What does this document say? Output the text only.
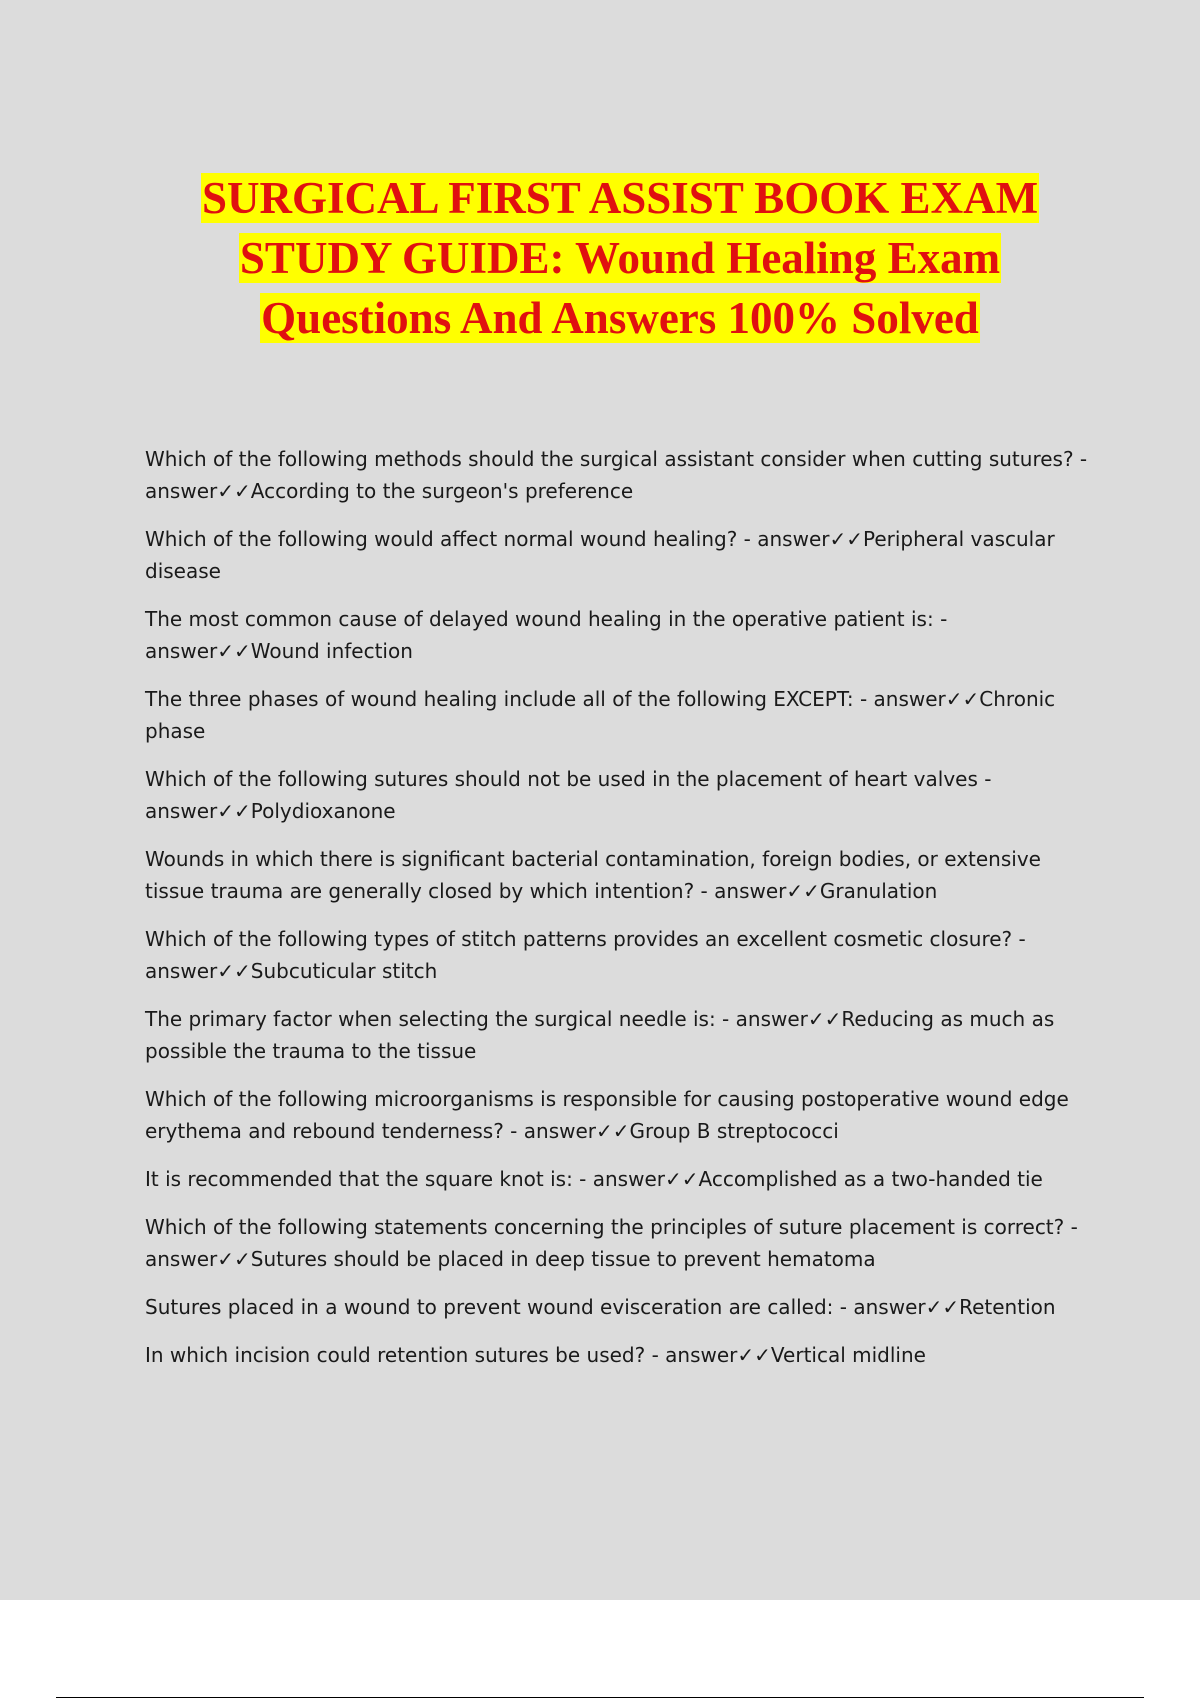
SURGICAL FIRST ASSIST BOOK EXAM
STUDY GUIDE: Wound Healing Exam
Questions And Answers 100% Solved

Which of the following methods should the surgical assistant consider when cutting sutures? - answer✓✓According to the surgeon's preference

Which of the following would affect normal wound healing? - answer✓✓Peripheral vascular disease

The most common cause of delayed wound healing in the operative patient is: - answer✓✓Wound infection

The three phases of wound healing include all of the following EXCEPT: - answer✓✓Chronic phase

Which of the following sutures should not be used in the placement of heart valves - answer✓✓Polydioxanone

Wounds in which there is significant bacterial contamination, foreign bodies, or extensive tissue trauma are generally closed by which intention? - answer✓✓Granulation

Which of the following types of stitch patterns provides an excellent cosmetic closure? - answer✓✓Subcuticular stitch

The primary factor when selecting the surgical needle is: - answer✓✓Reducing as much as possible the trauma to the tissue

Which of the following microorganisms is responsible for causing postoperative wound edge erythema and rebound tenderness? - answer✓✓Group B streptococci

It is recommended that the square knot is: - answer✓✓Accomplished as a two-handed tie

Which of the following statements concerning the principles of suture placement is correct? - answer✓✓Sutures should be placed in deep tissue to prevent hematoma

Sutures placed in a wound to prevent wound evisceration are called: - answer✓✓Retention

In which incision could retention sutures be used? - answer✓✓Vertical midline
